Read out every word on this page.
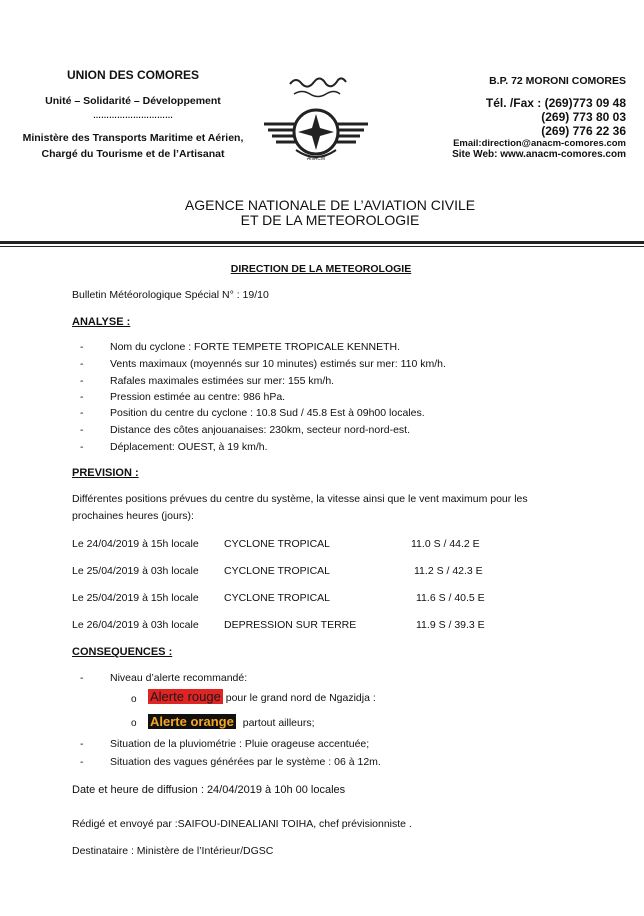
UNION DES COMORES
Unité – Solidarité – Développement
…………………………
Ministère des Transports Maritime et Aérien,
Chargé du Tourisme et de l’Artisanat	ANACM
B.P. 72 MORONI COMORES
Tél. /Fax : (269)773 09 48
(269) 773 80 03
(269) 776 22 36
Email:direction@anacm-comores.com
Site Web: www.anacm-comores.com
AGENCE NATIONALE DE L’AVIATION CIVILE
ET DE LA METEOROLOGIE
DIRECTION DE LA METEOROLOGIE
Bulletin Météorologique Spécial N° : 19/10
ANALYSE :
-	Nom du cyclone : FORTE TEMPETE TROPICALE KENNETH.
-	Vents maximaux (moyennés sur 10 minutes) estimés sur mer: 110 km/h.
-	Rafales maximales estimées sur mer: 155 km/h.
-	Pression estimée au centre: 986 hPa.
-	Position du centre du cyclone : 10.8 Sud / 45.8 Est à 09h00 locales.
-	Distance des côtes anjouanaises: 230km, secteur nord-nord-est.
-	Déplacement: OUEST, à 19 km/h.
PREVISION :
Différentes positions prévues du centre du système, la vitesse ainsi que le vent maximum pour les
prochaines heures (jours):
Le 24/04/2019 à 15h locale CYCLONE TROPICAL	11.0 S / 44.2 E
Le 25/04/2019 à 03h locale CYCLONE TROPICAL	11.2 S / 42.3 E
Le 25/04/2019 à 15h locale CYCLONE TROPICAL	11.6 S / 40.5 E
Le 26/04/2019 à 03h locale DEPRESSION SUR TERRE	11.9 S / 39.3 E
CONSEQUENCES :
-	Niveau d’alerte recommandé:
o Alerte rouge pour le grand nord de Ngazidja :
o Alerte orange partout ailleurs;
-	Situation de la pluviométrie : Pluie orageuse accentuée;
-	Situation des vagues générées par le système : 06 à 12m.
Date et heure de diffusion : 24/04/2019 à 10h 00 locales
Rédigé et envoyé par :SAIFOU-DINEALIANI TOIHA, chef prévisionniste .
Destinataire : Ministère de l’Intérieur/DGSC
